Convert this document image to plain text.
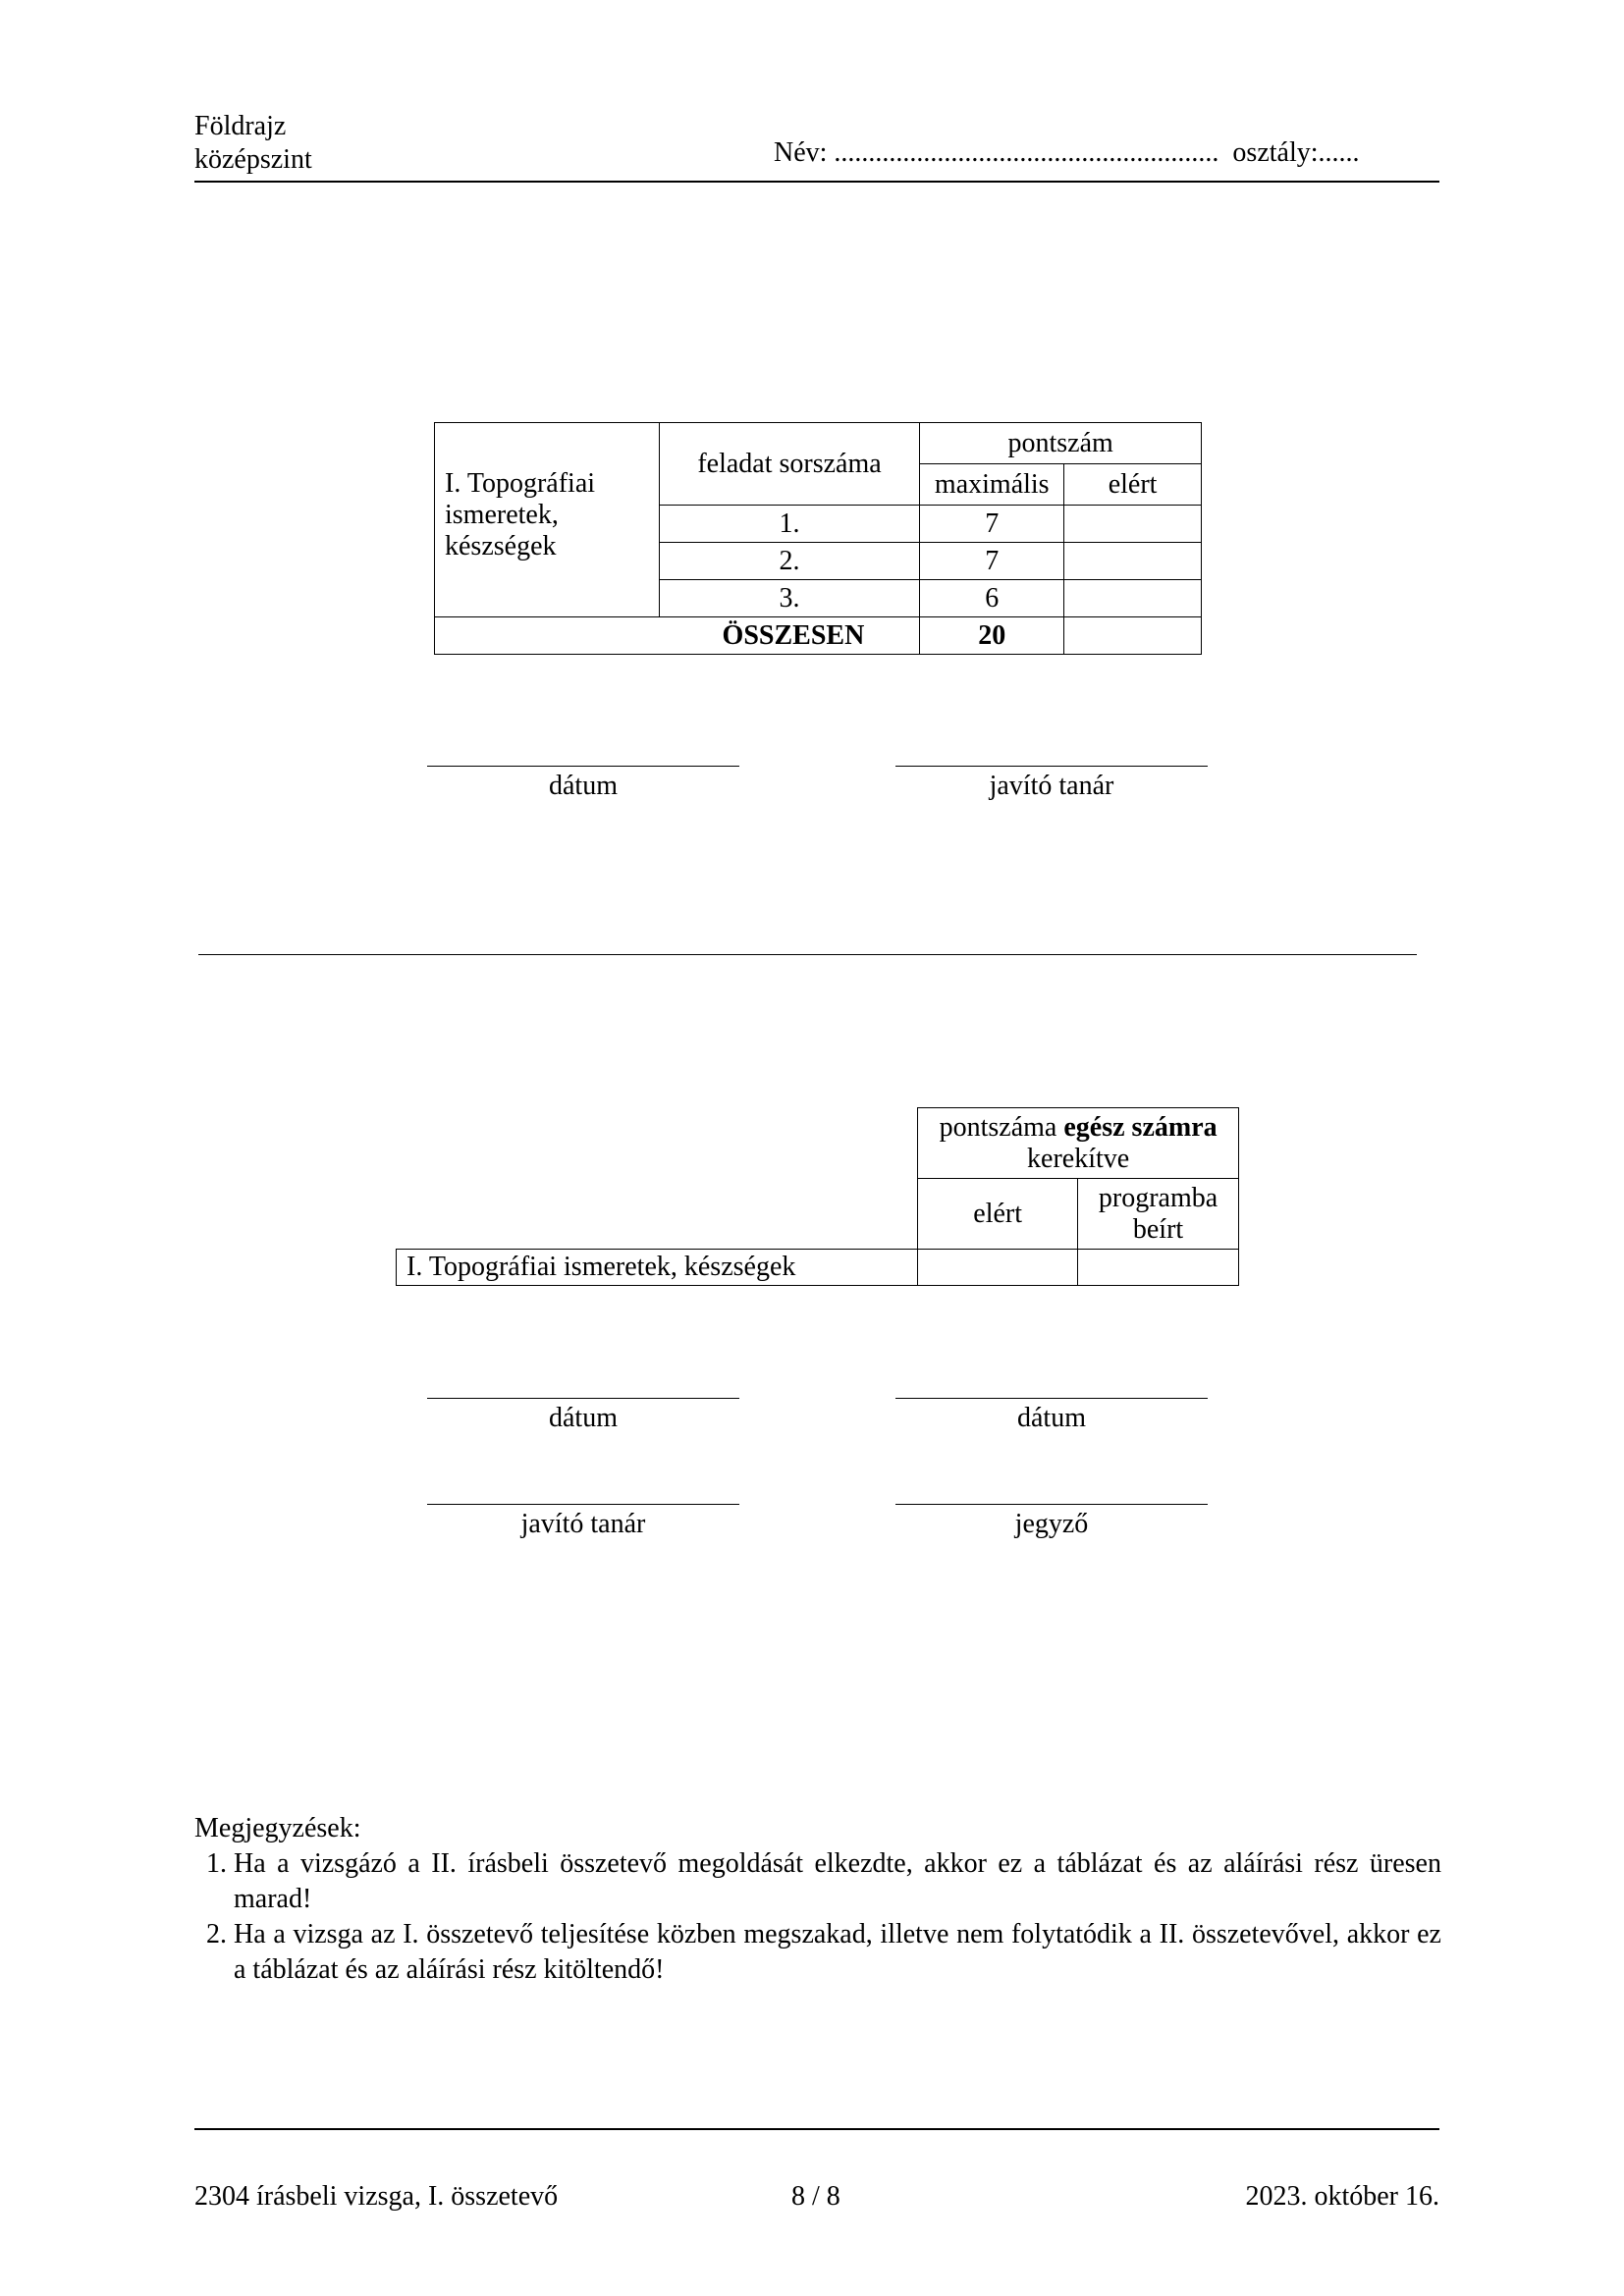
Földrajz
középszint	Név: ........................................................  osztály:......
I. Topográfiai ismeretek, készségek	feladat sorszáma	pontszám	
		maximális	elért
	1.	7	
	2.	7	
	3.	6	
ÖSSZESEN		20	
dátum	javító tanár
	pontszáma egész számra kerekítve	
	elért	programba beírt
I. Topográfiai ismeretek, készségek		
dátum	dátum
javító tanár	jegyző
Megjegyzések:
1. Ha a vizsgázó a II. írásbeli összetevő megoldását elkezdte, akkor ez a táblázat és az aláírási rész üresen marad!
2. Ha a vizsga az I. összetevő teljesítése közben megszakad, illetve nem folytatódik a II. összetevővel, akkor ez a táblázat és az aláírási rész kitöltendő!
2304 írásbeli vizsga, I. összetevő	8 / 8	2023. október 16.
